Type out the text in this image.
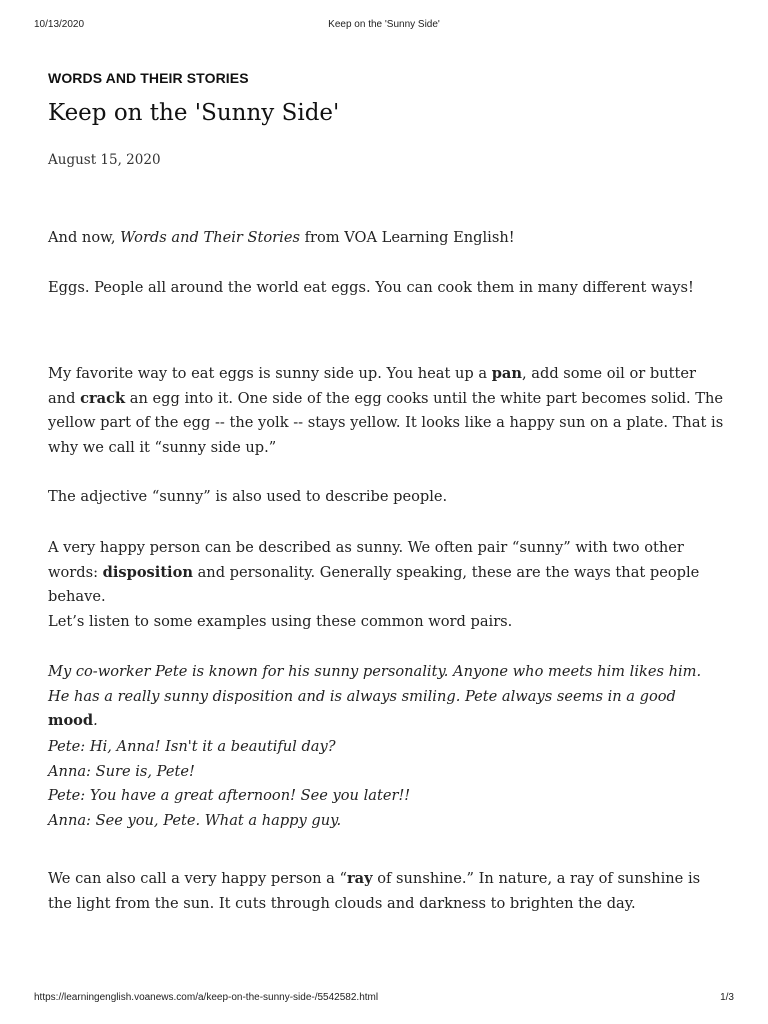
10/13/2020	Keep on the 'Sunny Side'
WORDS AND THEIR STORIES
Keep on the 'Sunny Side'
August 15, 2020

And now, Words and Their Stories from VOA Learning English!

Eggs. People all around the world eat eggs. You can cook them in many different ways!

My favorite way to eat eggs is sunny side up. You heat up a pan, add some oil or butter and crack an egg into it. One side of the egg cooks until the white part becomes solid. The yellow part of the egg -- the yolk -- stays yellow. It looks like a happy sun on a plate. That is why we call it “sunny side up.”

The adjective “sunny” is also used to describe people.

A very happy person can be described as sunny. We often pair “sunny” with two other words: disposition and personality. Generally speaking, these are the ways that people behave.

Let’s listen to some examples using these common word pairs.

My co-worker Pete is known for his sunny personality. Anyone who meets him likes him. He has a really sunny disposition and is always smiling. Pete always seems in a good mood.

Pete: Hi, Anna! Isn't it a beautiful day?
Anna: Sure is, Pete!
Pete: You have a great afternoon! See you later!!
Anna: See you, Pete. What a happy guy.

We can also call a very happy person a “ray of sunshine.” In nature, a ray of sunshine is the light from the sun. It cuts through clouds and darkness to brighten the day.

https://learningenglish.voanews.com/a/keep-on-the-sunny-side-/5542582.html	1/3
